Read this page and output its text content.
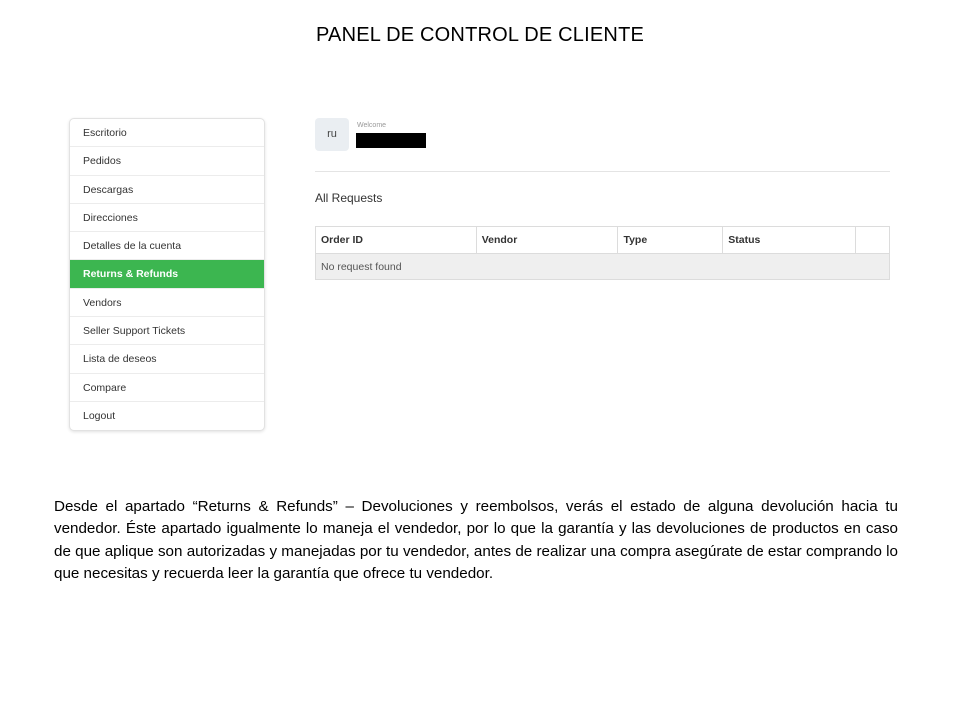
PANEL DE CONTROL DE CLIENTE
Escritorio
Pedidos
Descargas
Direcciones
Detalles de la cuenta
Returns & Refunds
Vendors
Seller Support Tickets
Lista de deseos
Compare
Logout
ru
Welcome
All Requests
Order ID	Vendor	Type	Status	
No request found
Desde el apartado “Returns & Refunds” – Devoluciones y reembolsos, verás el estado de alguna devolución hacia tu vendedor. Éste apartado igualmente lo maneja el vendedor, por lo que la garantía y las devoluciones de productos en caso de que aplique son autorizadas y manejadas por tu vendedor, antes de realizar una compra asegúrate de estar comprando lo que necesitas y recuerda leer la garantía que ofrece tu vendedor.
